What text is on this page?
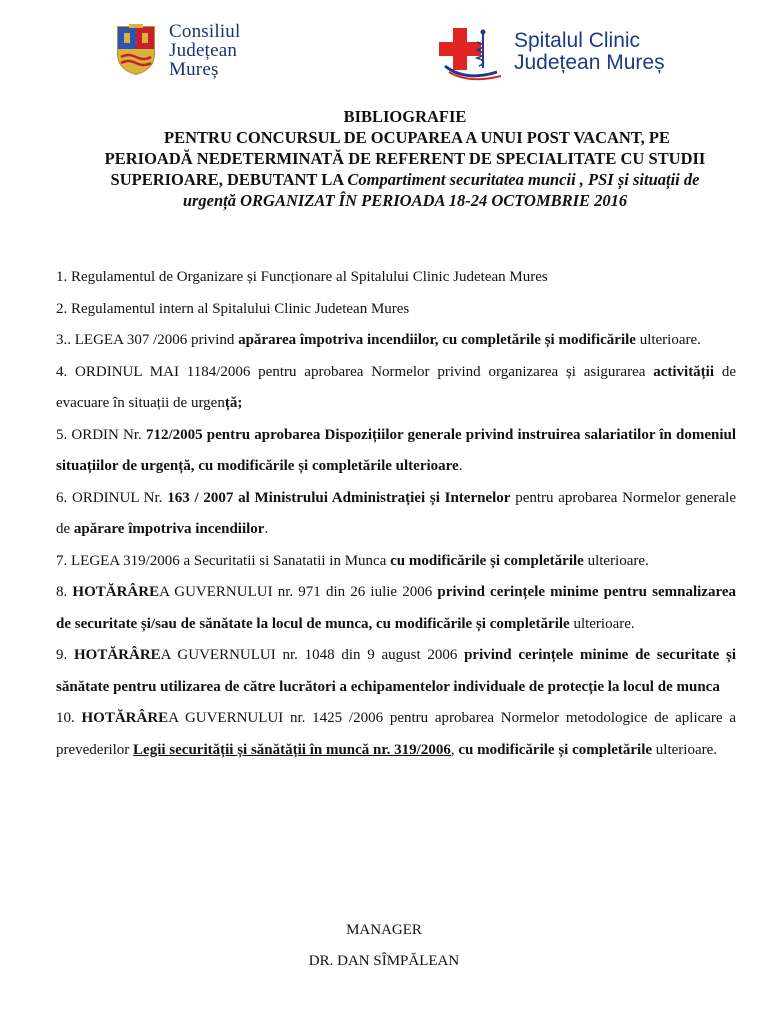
Consiliul
Județean
Mureș
Spitalul Clinic
Județean Mureș
BIBLIOGRAFIE
PENTRU CONCURSUL DE OCUPAREA A UNUI POST VACANT, PE
PERIOADĂ NEDETERMINATĂ DE REFERENT DE SPECIALITATE CU STUDII
SUPERIOARE, DEBUTANT LA Compartiment securitatea muncii , PSI și situații de
urgență ORGANIZAT ÎN PERIOADA 18-24 OCTOMBRIE 2016

1. Regulamentul de Organizare și Funcționare al Spitalului Clinic Judetean Mures

2. Regulamentul intern al Spitalului Clinic Judetean Mures

3.. LEGEA 307 /2006 privind apărarea împotriva incendiilor, cu completările și modificările ulterioare.

4. ORDINUL MAI 1184/2006 pentru aprobarea Normelor privind organizarea și asigurarea activității de evacuare în situații de urgență;

5. ORDIN Nr. 712/2005 pentru aprobarea Dispozițiilor generale privind instruirea salariatilor în domeniul situațiilor de urgență, cu modificările și completările ulterioare.

6. ORDINUL Nr. 163 / 2007 al Ministrului Administrației și Internelor pentru aprobarea Normelor generale de apărare împotriva incendiilor.

7. LEGEA 319/2006 a Securitatii si Sanatatii in Munca cu modificările și completările ulterioare.

8. HOTĂRÂREA GUVERNULUI nr. 971 din 26 iulie 2006 privind cerințele minime pentru semnalizarea de securitate și/sau de sănătate la locul de munca, cu modificările și completările ulterioare.

9. HOTĂRÂREA GUVERNULUI nr. 1048 din 9 august 2006 privind cerințele minime de securitate și sănătate pentru utilizarea de către lucrători a echipamentelor individuale de protecție la locul de munca

10. HOTĂRÂREA GUVERNULUI nr. 1425 /2006 pentru aprobarea Normelor metodologice de aplicare a prevederilor Legii securității și sănătății în muncă nr. 319/2006, cu modificările și completările ulterioare.

MANAGER
DR. DAN SÎMPĂLEAN
